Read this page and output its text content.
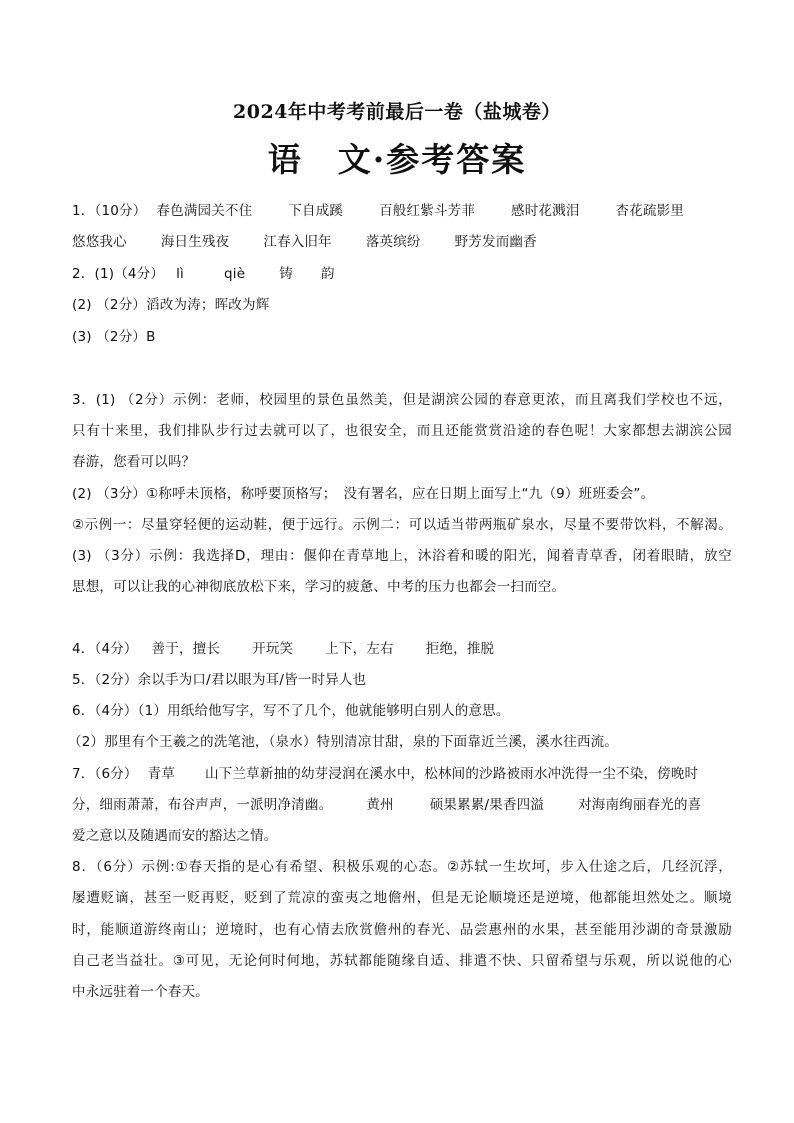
2024年中考考前最后一卷（盐城卷）
语　文·参考答案
1．（10分） 春色满园关不住	下自成蹊	百般红紫斗芳菲	感时花溅泪	杏花疏影里
悠悠我心	海日生残夜	江春入旧年	落英缤纷	野芳发而幽香
2．(1)（4分） lì	qiè	铸 韵
(2) （2分）滔改为涛；晖改为辉
(3) （2分）B
3．(1) （2分）示例：老师，校园里的景色虽然美，但是湖滨公园的春意更浓，而且离我们学校也不远，
只有十来里，我们排队步行过去就可以了，也很安全，而且还能赏赏沿途的春色呢！大家都想去湖滨公园
春游，您看可以吗？
(2) （3分）①称呼未顶格，称呼要顶格写；　没有署名，应在日期上面写上“九（9）班班委会”。
②示例一：尽量穿轻便的运动鞋，便于远行。示例二：可以适当带两瓶矿泉水，尽量不要带饮料，不解渴。
(3) （3分）示例：我选择D，理由：偃仰在青草地上，沐浴着和暖的阳光，闻着青草香，闭着眼睛，放空
思想，可以让我的心神彻底放松下来，学习的疲惫、中考的压力也都会一扫而空。
4．（4分） 善于，擅长 开玩笑 上下，左右 拒绝，推脱
5．（2分）余以手为口/君以眼为耳/皆一时异人也
6．（4分）（1）用纸给他写字，写不了几个，他就能够明白别人的意思。
（2）那里有个王羲之的洗笔池，（泉水）特别清凉甘甜，泉的下面靠近兰溪，溪水往西流。
7．（6分） 青草 山下兰草新抽的幼芽浸润在溪水中，松林间的沙路被雨水冲洗得一尘不染，傍晚时
分，细雨萧萧，布谷声声，一派明净清幽。	黄州	硕果累累/果香四溢	对海南绚丽春光的喜
爱之意以及随遇而安的豁达之情。
8．（6分）示例:①春天指的是心有希望、积极乐观的心态。②苏轼一生坎坷，步入仕途之后，几经沉浮，
屡遭贬谪，甚至一贬再贬，贬到了荒凉的蛮夷之地儋州，但是无论顺境还是逆境，他都能坦然处之。顺境
时，能顺道游终南山；逆境时，也有心情去欣赏儋州的春光、品尝惠州的水果，甚至能用沙湖的奇景激励
自己老当益壮。③可见，无论何时何地，苏轼都能随缘自适、排遣不快、只留希望与乐观，所以说他的心
中永远驻着一个春天。
